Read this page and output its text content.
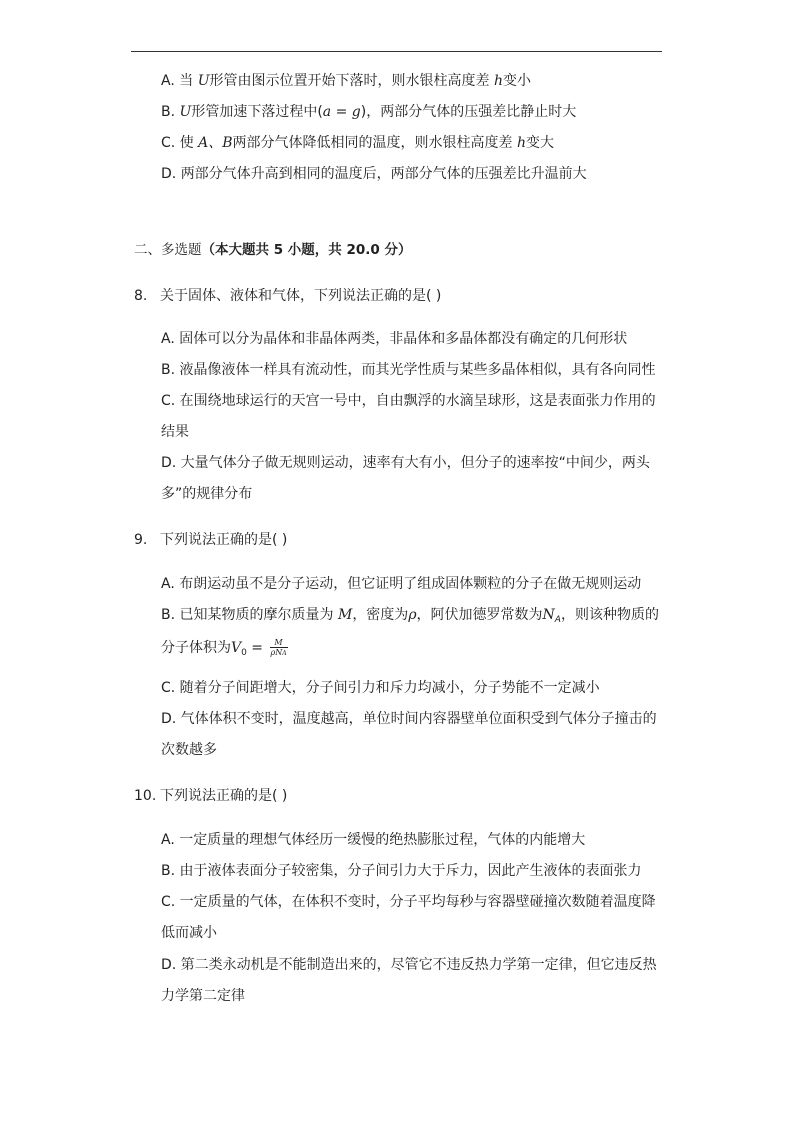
A. 当 U形管由图示位置开始下落时，则水银柱高度差 h变小
B. U形管加速下落过程中(a = g)，两部分气体的压强差比静止时大
C. 使 A、B两部分气体降低相同的温度，则水银柱高度差 h变大
D. 两部分气体升高到相同的温度后，两部分气体的压强差比升温前大
二、多选题（本大题共 5 小题，共 20.0 分）
8. 关于固体、液体和气体，下列说法正确的是( )
A. 固体可以分为晶体和非晶体两类，非晶体和多晶体都没有确定的几何形状
B. 液晶像液体一样具有流动性，而其光学性质与某些多晶体相似，具有各向同性
C. 在围绕地球运行的天宫一号中，自由飘浮的水滴呈球形，这是表面张力作用的
结果
D. 大量气体分子做无规则运动，速率有大有小，但分子的速率按“中间少，两头
多”的规律分布
9. 下列说法正确的是( )
A. 布朗运动虽不是分子运动，但它证明了组成固体颗粒的分子在做无规则运动
B. 已知某物质的摩尔质量为 M，密度为ρ，阿伏加德罗常数为$N_A$，则该种物质的
分子体积为$V_0 = \frac{M}{\text{ρNA}}$
C. 随着分子间距增大，分子间引力和斥力均减小，分子势能不一定减小
D. 气体体积不变时，温度越高，单位时间内容器壁单位面积受到气体分子撞击的
次数越多
10. 下列说法正确的是( )
A. 一定质量的理想气体经历一缓慢的绝热膨胀过程，气体的内能增大
B. 由于液体表面分子较密集，分子间引力大于斥力，因此产生液体的表面张力
C. 一定质量的气体，在体积不变时，分子平均每秒与容器壁碰撞次数随着温度降
低而减小
D. 第二类永动机是不能制造出来的，尽管它不违反热力学第一定律，但它违反热
力学第二定律
